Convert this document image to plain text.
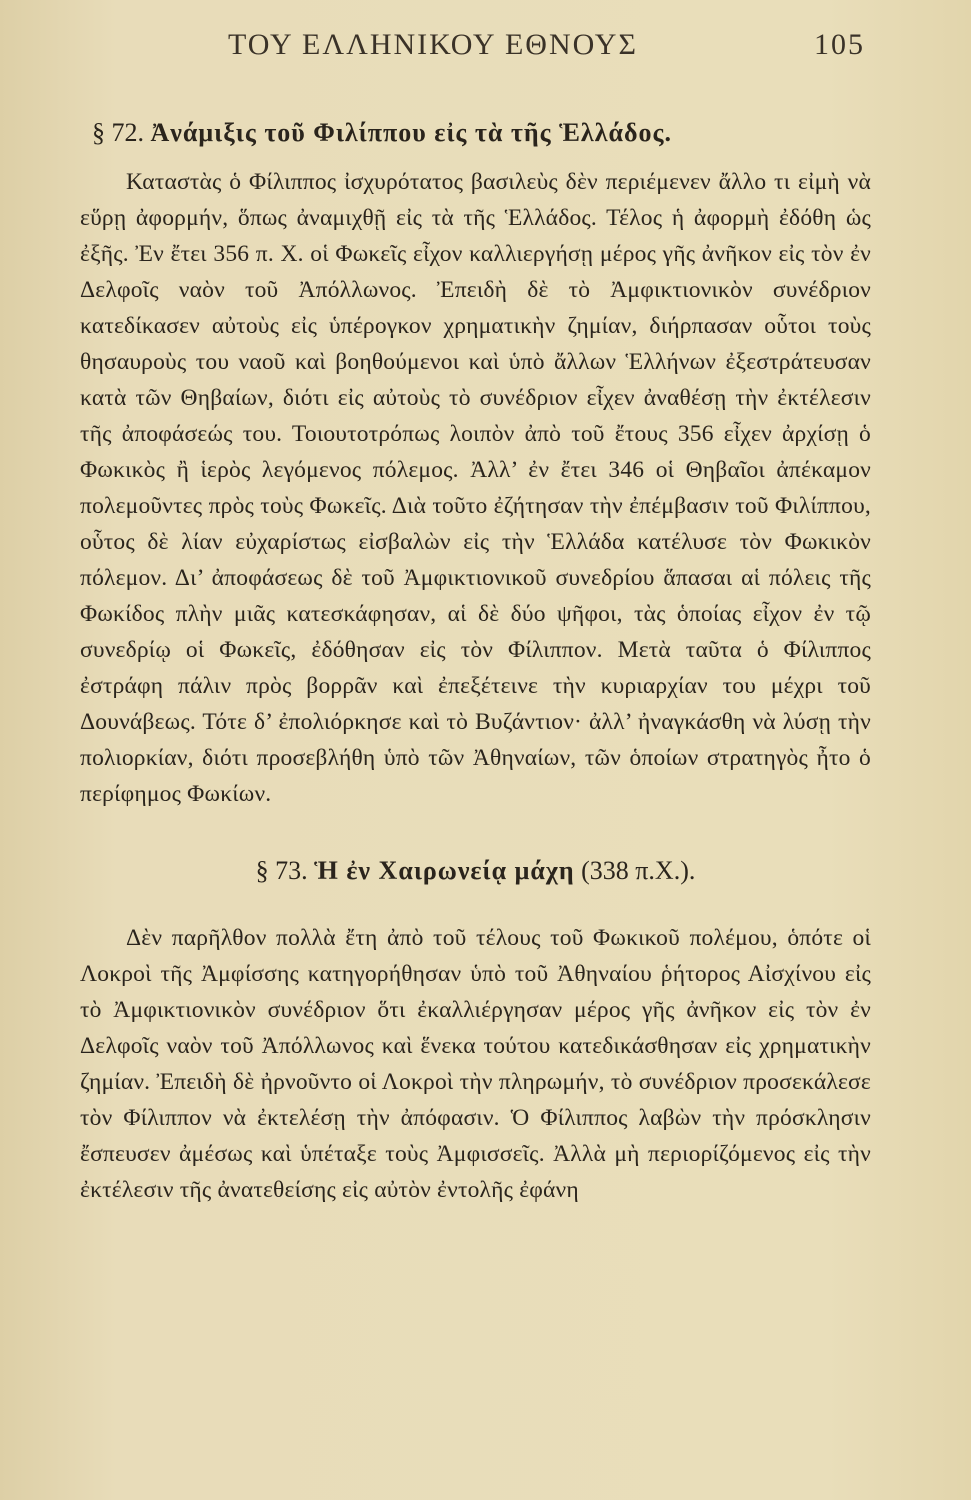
ΤΟΥ ΕΛΛΗΝΙΚΟΥ ΕΘΝΟΥΣ	105
§ 72. Ἀνάμιξις τοῦ Φιλίππου εἰς τὰ τῆς Ἑλλάδος.

Καταστὰς ὁ Φίλιππος ἰσχυρότατος βασιλεὺς δὲν περιέμενεν ἄλλο τι εἰμὴ νὰ εὕρῃ ἀφορμήν, ὅπως ἀναμιχθῇ εἰς τὰ τῆς Ἑλλάδος. Τέλος ἡ ἀφορμὴ ἐδόθη ὡς ἐξῆς. Ἐν ἔτει 356 π. Χ. οἱ Φωκεῖς εἶχον καλλιεργήσῃ μέρος γῆς ἀνῆκον εἰς τὸν ἐν Δελφοῖς ναὸν τοῦ Ἀπόλλωνος. Ἐπειδὴ δὲ τὸ Ἀμφικτιονικὸν συνέδριον κατεδίκασεν αὐτοὺς εἰς ὑπέρογκον χρηματικὴν ζημίαν, διήρπασαν οὗτοι τοὺς θησαυροὺς του ναοῦ καὶ βοηθούμενοι καὶ ὑπὸ ἄλλων Ἑλλήνων ἐξεστράτευσαν κατὰ τῶν Θηβαίων, διότι εἰς αὐτοὺς τὸ συνέδριον εἶχεν ἀναθέσῃ τὴν ἐκτέλεσιν τῆς ἀποφάσεώς του. Τοιουτοτρόπως λοιπὸν ἀπὸ τοῦ ἔτους 356 εἶχεν ἀρχίσῃ ὁ Φωκικὸς ἢ ἱερὸς λεγόμενος πόλεμος. Ἀλλ’ ἐν ἔτει 346 οἱ Θηβαῖοι ἀπέκαμον πολεμοῦντες πρὸς τοὺς Φωκεῖς. Διὰ τοῦτο ἐζήτησαν τὴν ἐπέμβασιν τοῦ Φιλίππου, οὗτος δὲ λίαν εὐχαρίστως εἰσβαλὼν εἰς τὴν Ἑλλάδα κατέλυσε τὸν Φωκικὸν πόλεμον. Δι’ ἀποφάσεως δὲ τοῦ Ἀμφικτιονικοῦ συνεδρίου ἅπασαι αἱ πόλεις τῆς Φωκίδος πλὴν μιᾶς κατεσκάφησαν, αἱ δὲ δύο ψῆφοι, τὰς ὁποίας εἶχον ἐν τῷ συνεδρίῳ οἱ Φωκεῖς, ἐδόθησαν εἰς τὸν Φίλιππον. Μετὰ ταῦτα ὁ Φίλιππος ἐστράφη πάλιν πρὸς βορρᾶν καὶ ἐπεξέτεινε τὴν κυριαρχίαν του μέχρι τοῦ Δουνάβεως. Τότε δ’ ἐπολιόρκησε καὶ τὸ Βυζάντιον· ἀλλ’ ἠναγκάσθη νὰ λύσῃ τὴν πολιορκίαν, διότι προσεβλήθη ὑπὸ τῶν Ἀθηναίων, τῶν ὁποίων στρατηγὸς ἦτο ὁ περίφημος Φωκίων.

§ 73. Ἡ ἐν Χαιρωνείᾳ μάχη (338 π.Χ.).

Δὲν παρῆλθον πολλὰ ἔτη ἀπὸ τοῦ τέλους τοῦ Φωκικοῦ πολέμου, ὁπότε οἱ Λοκροὶ τῆς Ἀμφίσσης κατηγορήθησαν ὑπὸ τοῦ Ἀθηναίου ῥήτορος Αἰσχίνου εἰς τὸ Ἀμφικτιονικὸν συνέδριον ὅτι ἐκαλλιέργησαν μέρος γῆς ἀνῆκον εἰς τὸν ἐν Δελφοῖς ναὸν τοῦ Ἀπόλλωνος καὶ ἕνεκα τούτου κατεδικάσθησαν εἰς χρηματικὴν ζημίαν. Ἐπειδὴ δὲ ἠρνοῦντο οἱ Λοκροὶ τὴν πληρωμήν, τὸ συνέδριον προσεκάλεσε τὸν Φίλιππον νὰ ἐκτελέσῃ τὴν ἀπόφασιν. Ὁ Φίλιππος λαβὼν τὴν πρόσκλησιν ἔσπευσεν ἀμέσως καὶ ὑπέταξε τοὺς Ἀμφισσεῖς. Ἀλλὰ μὴ περιορίζόμενος εἰς τὴν ἐκτέλεσιν τῆς ἀνατεθείσης εἰς αὐτὸν ἐντολῆς ἐφάνη
